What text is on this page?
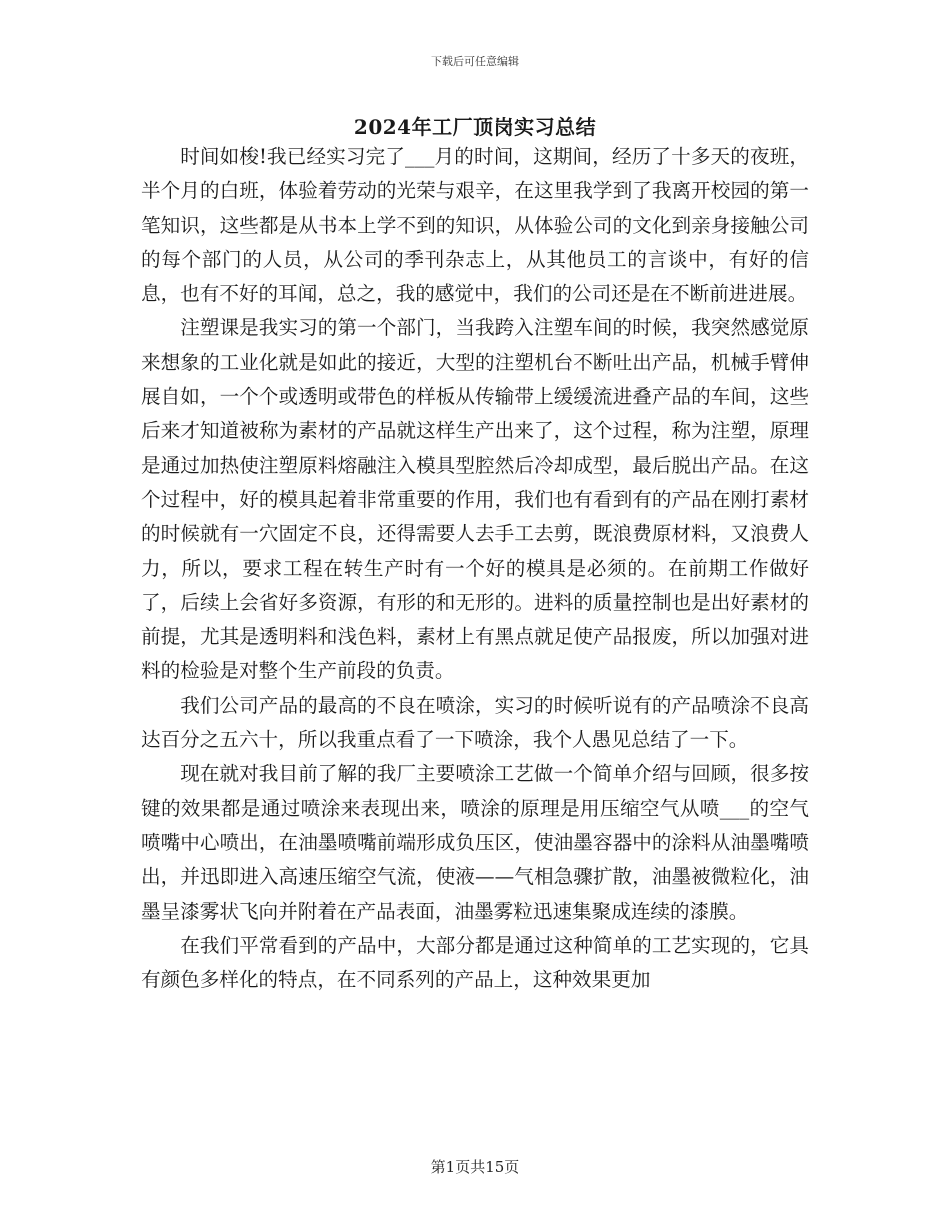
下载后可任意编辑
2024年工厂顶岗实习总结

时间如梭!我已经实习完了___月的时间，这期间，经历了十多天的夜班，半个月的白班，体验着劳动的光荣与艰辛，在这里我学到了我离开校园的第一笔知识，这些都是从书本上学不到的知识，从体验公司的文化到亲身接触公司的每个部门的人员，从公司的季刊杂志上，从其他员工的言谈中，有好的信息，也有不好的耳闻，总之，我的感觉中，我们的公司还是在不断前进进展。

注塑课是我实习的第一个部门，当我跨入注塑车间的时候，我突然感觉原来想象的工业化就是如此的接近，大型的注塑机台不断吐出产品，机械手臂伸展自如，一个个或透明或带色的样板从传输带上缓缓流进叠产品的车间，这些后来才知道被称为素材的产品就这样生产出来了，这个过程，称为注塑，原理是通过加热使注塑原料熔融注入模具型腔然后冷却成型，最后脱出产品。在这个过程中，好的模具起着非常重要的作用，我们也有看到有的产品在刚打素材的时候就有一穴固定不良，还得需要人去手工去剪，既浪费原材料，又浪费人力，所以，要求工程在转生产时有一个好的模具是必须的。在前期工作做好了，后续上会省好多资源，有形的和无形的。进料的质量控制也是出好素材的前提，尤其是透明料和浅色料，素材上有黑点就足使产品报废，所以加强对进料的检验是对整个生产前段的负责。

我们公司产品的最高的不良在喷涂，实习的时候听说有的产品喷涂不良高达百分之五六十，所以我重点看了一下喷涂，我个人愚见总结了一下。

现在就对我目前了解的我厂主要喷涂工艺做一个简单介绍与回顾，很多按键的效果都是通过喷涂来表现出来，喷涂的原理是用压缩空气从喷___的空气喷嘴中心喷出，在油墨喷嘴前端形成负压区，使油墨容器中的涂料从油墨嘴喷出，并迅即进入高速压缩空气流，使液——气相急骤扩散，油墨被微粒化，油墨呈漆雾状飞向并附着在产品表面，油墨雾粒迅速集聚成连续的漆膜。

在我们平常看到的产品中，大部分都是通过这种简单的工艺实现的，它具有颜色多样化的特点，在不同系列的产品上，这种效果更加

第1页共15页
